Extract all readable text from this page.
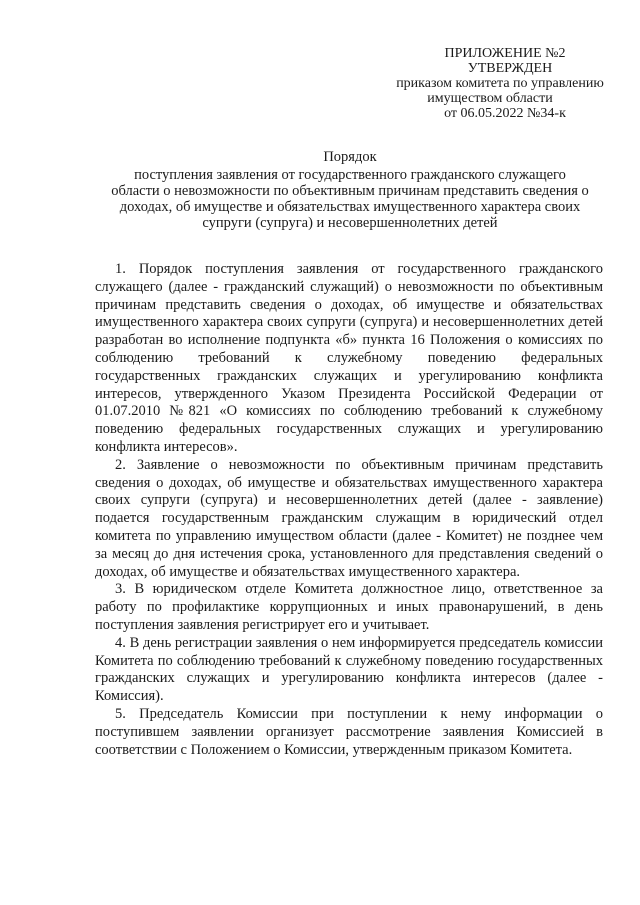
ПРИЛОЖЕНИЕ №2
УТВЕРЖДЕН
приказом комитета по управлению
имуществом области
от 06.05.2022 №34-к
Порядок
поступления заявления от государственного гражданского служащего
области о невозможности по объективным причинам представить сведения о
доходах, об имуществе и обязательствах имущественного характера своих
супруги (супруга) и несовершеннолетних детей

1. Порядок поступления заявления от государственного гражданского служащего (далее - гражданский служащий) о невозможности по объективным причинам представить сведения о доходах, об имуществе и обязательствах имущественного характера своих супруги (супруга) и несовершеннолетних детей разработан во исполнение подпункта «б» пункта 16 Положения о комиссиях по соблюдению требований к служебному поведению федеральных государственных гражданских служащих и урегулированию конфликта интересов, утвержденного Указом Президента Российской Федерации от 01.07.2010 №821 «О комиссиях по соблюдению требований к служебному поведению федеральных государственных служащих и урегулированию конфликта интересов».

2. Заявление о невозможности по объективным причинам представить сведения о доходах, об имуществе и обязательствах имущественного характера своих супруги (супруга) и несовершеннолетних детей (далее - заявление) подается государственным гражданским служащим в юридический отдел комитета по управлению имуществом области (далее - Комитет) не позднее чем за месяц до дня истечения срока, установленного для представления сведений о доходах, об имуществе и обязательствах имущественного характера.

3. В юридическом отделе Комитета должностное лицо, ответственное за работу по профилактике коррупционных и иных правонарушений, в день поступления заявления регистрирует его и учитывает.

4. В день регистрации заявления о нем информируется председатель комиссии Комитета по соблюдению требований к служебному поведению государственных гражданских служащих и урегулированию конфликта интересов (далее - Комиссия).

5. Председатель Комиссии при поступлении к нему информации о поступившем заявлении организует рассмотрение заявления Комиссией в соответствии с Положением о Комиссии, утвержденным приказом Комитета.
